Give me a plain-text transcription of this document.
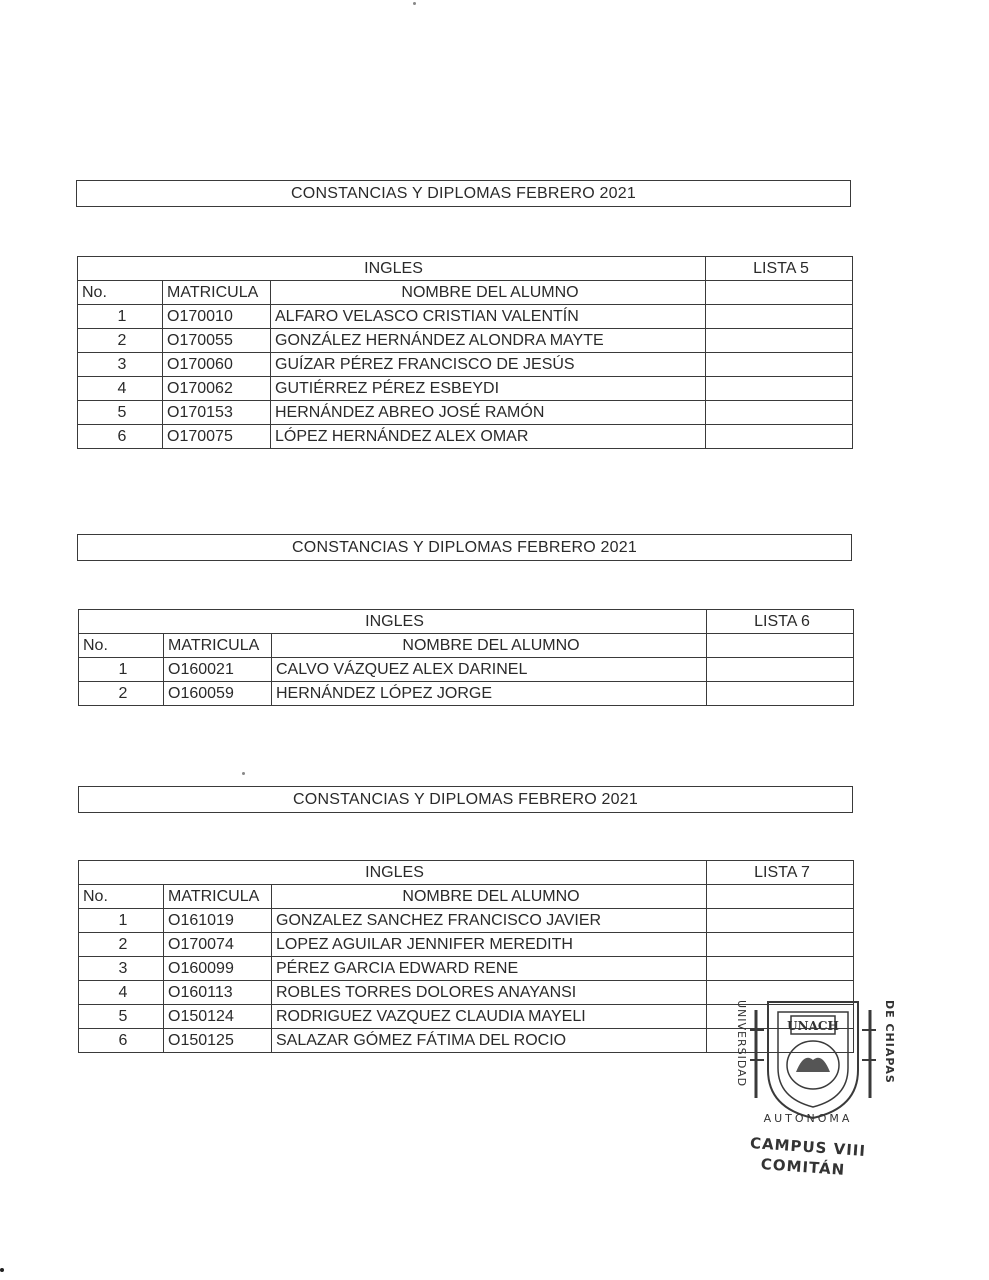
CONSTANCIAS Y DIPLOMAS FEBRERO 2021
INGLES			LISTA 5
No.	MATRICULA	NOMBRE DEL ALUMNO	
1	O170010	ALFARO VELASCO CRISTIAN VALENTÍN	
2	O170055	GONZÁLEZ HERNÁNDEZ ALONDRA MAYTE	
3	O170060	GUÍZAR PÉREZ FRANCISCO DE JESÚS	
4	O170062	GUTIÉRREZ PÉREZ ESBEYDI	
5	O170153	HERNÁNDEZ ABREO JOSÉ RAMÓN	
6	O170075	LÓPEZ HERNÁNDEZ ALEX OMAR	
CONSTANCIAS Y DIPLOMAS FEBRERO 2021
INGLES			LISTA 6
No.	MATRICULA	NOMBRE DEL ALUMNO	
1	O160021	CALVO VÁZQUEZ ALEX DARINEL	
2	O160059	HERNÁNDEZ LÓPEZ JORGE	
CONSTANCIAS Y DIPLOMAS FEBRERO 2021
INGLES			LISTA 7
No.	MATRICULA	NOMBRE DEL ALUMNO	
1	O161019	GONZALEZ SANCHEZ FRANCISCO JAVIER	
2	O170074	LOPEZ AGUILAR JENNIFER MEREDITH	
3	O160099	PÉREZ GARCIA EDWARD RENE	
4	O160113	ROBLES TORRES DOLORES ANAYANSI	
5	O150124	RODRIGUEZ VAZQUEZ CLAUDIA MAYELI	
6	O150125	SALAZAR GÓMEZ FÁTIMA DEL ROCIO	
UNACH
UNIVERSIDAD	DE CHIAPAS
AUTONOMA
CAMPUS VIII
COMITÁN
